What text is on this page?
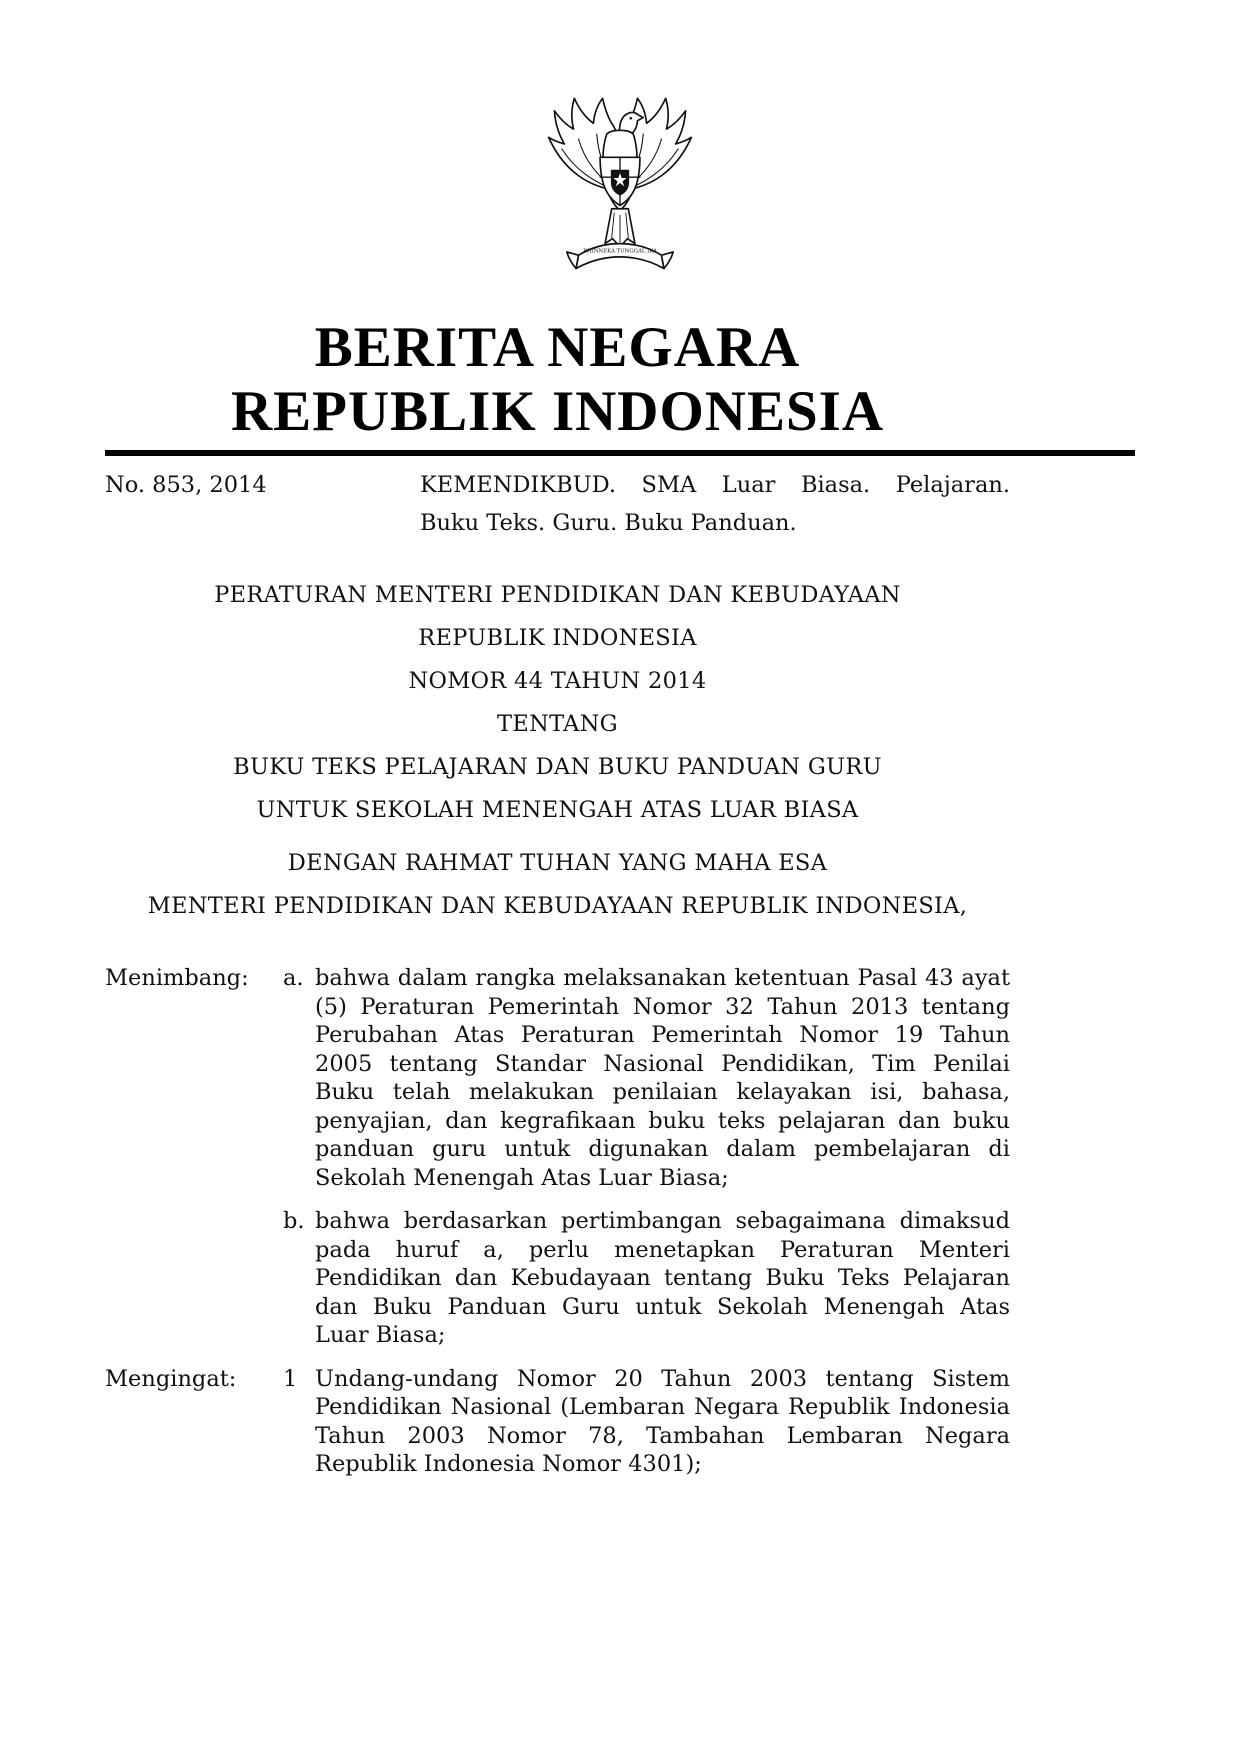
BHINNEKA TUNGGAL IKA
BERITA NEGARA
REPUBLIK INDONESIA
No. 853, 2014	KEMENDIKBUD. SMA Luar Biasa. Pelajaran.
Buku Teks. Guru. Buku Panduan.
PERATURAN MENTERI PENDIDIKAN DAN KEBUDAYAAN
REPUBLIK INDONESIA
NOMOR 44 TAHUN 2014
TENTANG
BUKU TEKS PELAJARAN DAN BUKU PANDUAN GURU
UNTUK SEKOLAH MENENGAH ATAS LUAR BIASA
DENGAN RAHMAT TUHAN YANG MAHA ESA
MENTERI PENDIDIKAN DAN KEBUDAYAAN REPUBLIK INDONESIA,
Menimbang:	a. bahwa dalam rangka melaksanakan ketentuan Pasal 43 ayat (5) Peraturan Pemerintah Nomor 32 Tahun 2013 tentang Perubahan Atas Peraturan Pemerintah Nomor 19 Tahun 2005 tentang Standar Nasional Pendidikan, Tim Penilai Buku telah melakukan penilaian kelayakan isi, bahasa, penyajian, dan kegrafikaan buku teks pelajaran dan buku panduan guru untuk digunakan dalam pembelajaran di Sekolah Menengah Atas Luar Biasa;
b. bahwa berdasarkan pertimbangan sebagaimana dimaksud pada huruf a, perlu menetapkan Peraturan Menteri Pendidikan dan Kebudayaan tentang Buku Teks Pelajaran dan Buku Panduan Guru untuk Sekolah Menengah Atas Luar Biasa;
Mengingat:	1 Undang-undang Nomor 20 Tahun 2003 tentang Sistem Pendidikan Nasional (Lembaran Negara Republik Indonesia Tahun 2003 Nomor 78, Tambahan Lembaran Negara Republik Indonesia Nomor 4301);
